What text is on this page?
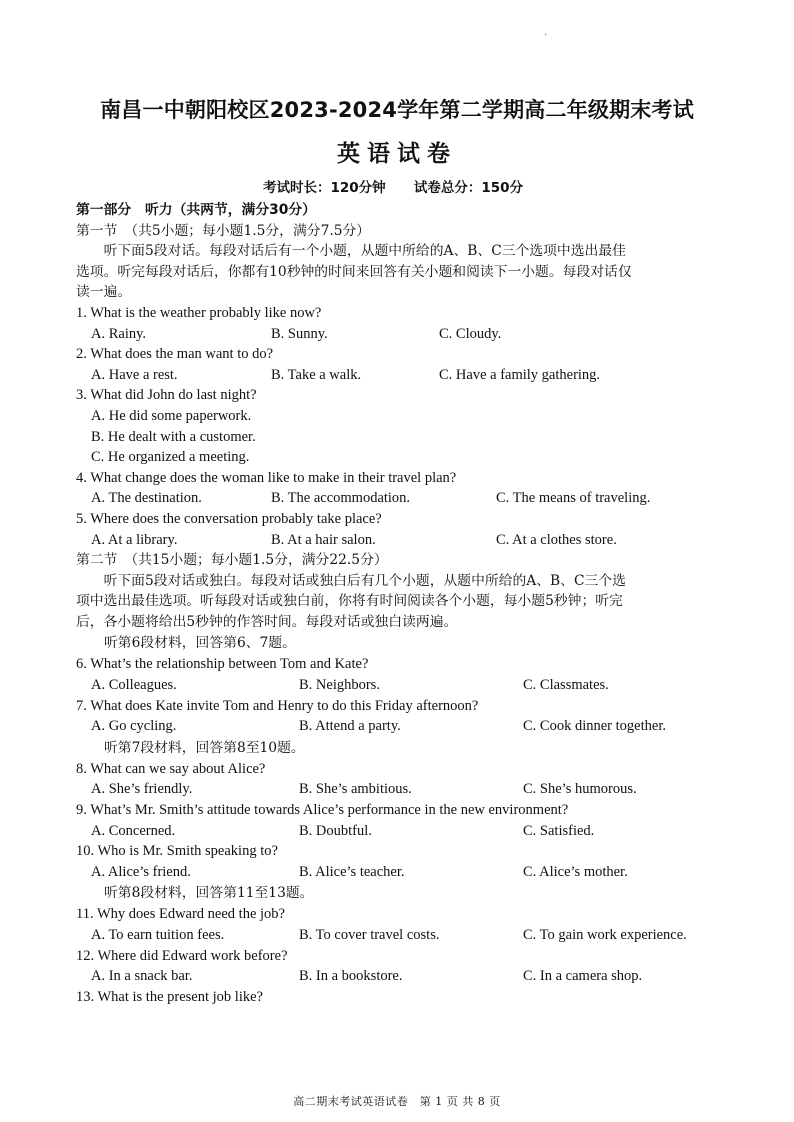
·
南昌一中朝阳校区2023-2024学年第二学期高二年级期末考试
英语试卷
考试时长：120分钟 试卷总分：150分
第一部分　听力（共两节，满分30分）
第一节　（共5小题；每小题1.5分，满分7.5分）
听下面5段对话。每段对话后有一个小题，从题中所给的A、B、C三个选项中选出最佳
选项。听完每段对话后，你都有10秒钟的时间来回答有关小题和阅读下一小题。每段对话仅
读一遍。
1. What is the weather probably like now?
A. Rainy.	B. Sunny.	C. Cloudy.
2. What does the man want to do?
A. Have a rest.	B. Take a walk.	C. Have a family gathering.
3. What did John do last night?
A. He did some paperwork.
B. He dealt with a customer.
C. He organized a meeting.
4. What change does the woman like to make in their travel plan?
A. The destination.	B. The accommodation.	C. The means of traveling.
5. Where does the conversation probably take place?
A. At a library.	B. At a hair salon.	C. At a clothes store.
第二节　（共15小题；每小题1.5分，满分22.5分）
听下面5段对话或独白。每段对话或独白后有几个小题，从题中所给的A、B、C三个选
项中选出最佳选项。听每段对话或独白前，你将有时间阅读各个小题，每小题5秒钟；听完
后，各小题将给出5秒钟的作答时间。每段对话或独白读两遍。
听第6段材料，回答第6、7题。
6. What’s the relationship between Tom and Kate?
A. Colleagues.	B. Neighbors.	C. Classmates.
7. What does Kate invite Tom and Henry to do this Friday afternoon?
A. Go cycling.	B. Attend a party.	C. Cook dinner together.
听第7段材料，回答第8至10题。
8. What can we say about Alice?
A. She’s friendly.	B. She’s ambitious.	C. She’s humorous.
9. What’s Mr. Smith’s attitude towards Alice’s performance in the new environment?
A. Concerned.	B. Doubtful.	C. Satisfied.
10. Who is Mr. Smith speaking to?
A. Alice’s friend.	B. Alice’s teacher.	C. Alice’s mother.
听第8段材料，回答第11至13题。
11. Why does Edward need the job?
A. To earn tuition fees.	B. To cover travel costs.	C. To gain work experience.
12. Where did Edward work before?
A. In a snack bar.	B. In a bookstore.	C. In a camera shop.
13. What is the present job like?
高二期末考试英语试卷　第 1 页 共 8 页
